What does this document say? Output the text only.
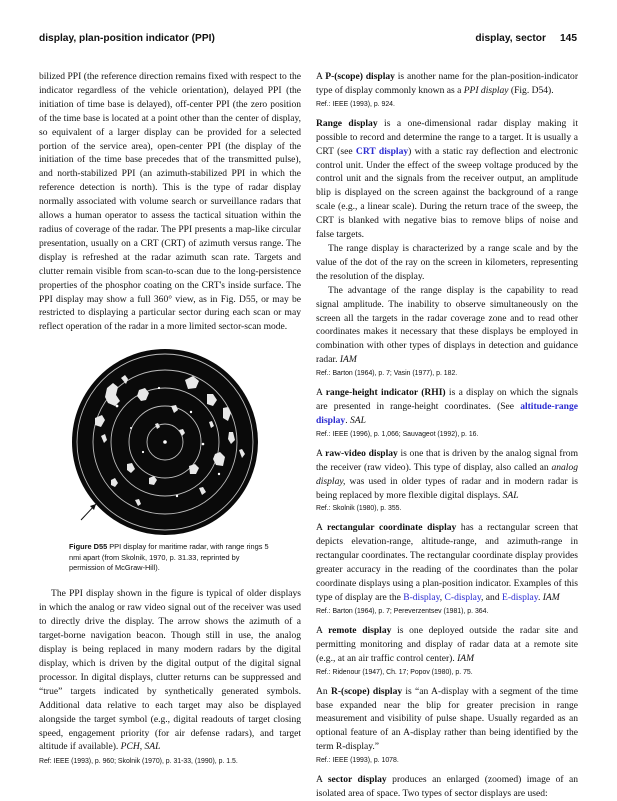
display, plan-position indicator (PPI)	display, sector 145

bilized PPI (the reference direction remains fixed with respect to the indicator regardless of the vehicle orientation), delayed PPI (the initiation of time base is delayed), off-center PPI (the zero position of the time base is located at a point other than the center of display, so equivalent of a larger display can be provided for a selected portion of the service area), open-center PPI (the display of the initiation of the time base precedes that of the transmitted pulse), and north-stabilized PPI (an azimuth-stabilized PPI in which the reference detection is north). This is the type of radar display normally associated with volume search or surveillance radars that allows a human operator to assess the tactical situation within the radius of coverage of the radar. The PPI presents a map-like circular presentation, usually on a CRT (CRT) of azimuth versus range. The display is refreshed at the radar azimuth scan rate. Targets and clutter remain visible from scan-to-scan due to the long-persistence properties of the phosphor coating on the CRT's inside surface. The PPI display may show a full 360° view, as in Fig. D55, or may be restricted to displaying a particular sector during each scan or may reflect operation of the radar in a more limited sector-scan mode.

Figure D55 PPI display for maritime radar, with range rings 5 nmi apart (from Skolnik, 1970, p. 31.33, reprinted by permission of McGraw-Hill).

The PPI display shown in the figure is typical of older displays in which the analog or raw video signal out of the receiver was used to directly drive the display. The arrow shows the azimuth of a target-borne navigation beacon. Though still in use, the analog display is being replaced in many modern radars by the digital display, which is driven by the digital output of the digital signal processor. In digital displays, clutter returns can be suppressed and “true” targets indicated by synthetically generated symbols. Additional data relative to each target may also be displayed alongside the target symbol (e.g., digital readouts of target closing speed, engagement priority (for air defense radars), and target altitude if available). PCH, SAL

Ref: IEEE (1993), p. 960; Skolnik (1970), p. 31-33, (1990), p. 1.5.

A P-(scope) display is another name for the plan-position-indicator type of display commonly known as a PPI display (Fig. D54).

Ref.: IEEE (1993), p. 924.

Range display is a one-dimensional radar display making it possible to record and determine the range to a target. It is usually a CRT (see CRT display) with a static ray deflection and electronic control unit. Under the effect of the sweep voltage produced by the control unit and the signals from the receiver output, an amplitude blip is displayed on the screen against the background of a range scale (e.g., a linear scale). During the return trace of the sweep, the CRT is blanked with negative bias to remove blips of noise and false targets.

The range display is characterized by a range scale and by the value of the dot of the ray on the screen in kilometers, representing the resolution of the display.

The advantage of the range display is the capability to read signal amplitude. The inability to observe simultaneously on the screen all the targets in the radar coverage zone and to read other coordinates makes it necessary that these displays be employed in combination with other types of displays in detection and guidance radar. IAM

Ref.: Barton (1964), p. 7; Vasin (1977), p. 182.

A range-height indicator (RHI) is a display on which the signals are presented in range-height coordinates. (See altitude-range display. SAL

Ref.: IEEE (1996), p. 1,066; Sauvageot (1992), p. 16.

A raw-video display is one that is driven by the analog signal from the receiver (raw video). This type of display, also called an analog display, was used in older types of radar and in modern radar is being replaced by more flexible digital displays. SAL

Ref.: Skolnik (1980), p. 355.

A rectangular coordinate display has a rectangular screen that depicts elevation-range, altitude-range, and azimuth-range in rectangular coordinates. The rectangular coordinate display provides greater accuracy in the reading of the coordinates than the polar coordinate displays using a plan-position indicator. Examples of this type of display are the B-display, C-display, and E-display. IAM

Ref.: Barton (1964), p. 7; Pereverzentsev (1981), p. 364.

A remote display is one deployed outside the radar site and permitting monitoring and display of radar data at a remote site (e.g., at an air traffic control center). IAM

Ref.: Ridenour (1947), Ch. 17; Popov (1980), p. 75.

An R-(scope) display is “an A-display with a segment of the time base expanded near the blip for greater precision in range measurement and visibility of pulse shape. Usually regarded as an optional feature of an A-display rather than being identified by the term R-display.”

Ref.: IEEE (1993), p. 1078.

A sector display produces an enlarged (zoomed) image of an isolated area of space. Two types of sector displays are used:
